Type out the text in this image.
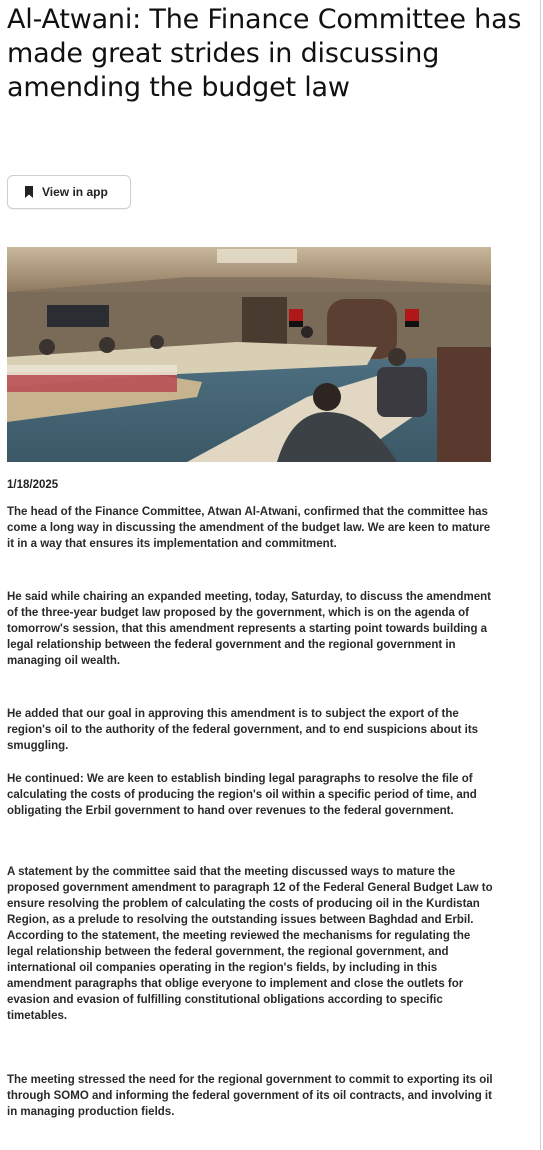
Al-Atwani: The Finance Committee has made great strides in discussing amending the budget law
View in app
1/18/2025

The head of the Finance Committee, Atwan Al-Atwani, confirmed that the committee has come a long way in discussing the amendment of the budget law. We are keen to mature it in a way that ensures its implementation and commitment.

He said while chairing an expanded meeting, today, Saturday, to discuss the amendment of the three-year budget law proposed by the government, which is on the agenda of tomorrow's session, that this amendment represents a starting point towards building a legal relationship between the federal government and the regional government in managing oil wealth.

He added that our goal in approving this amendment is to subject the export of the region's oil to the authority of the federal government, and to end suspicions about its smuggling.

He continued: We are keen to establish binding legal paragraphs to resolve the file of calculating the costs of producing the region's oil within a specific period of time, and obligating the Erbil government to hand over revenues to the federal government.

A statement by the committee said that the meeting discussed ways to mature the proposed government amendment to paragraph 12 of the Federal General Budget Law to ensure resolving the problem of calculating the costs of producing oil in the Kurdistan Region, as a prelude to resolving the outstanding issues between Baghdad and Erbil. According to the statement, the meeting reviewed the mechanisms for regulating the legal relationship between the federal government, the regional government, and international oil companies operating in the region's fields, by including in this amendment paragraphs that oblige everyone to implement and close the outlets for evasion and evasion of fulfilling constitutional obligations according to specific timetables.

The meeting stressed the need for the regional government to commit to exporting its oil through SOMO and informing the federal government of its oil contracts, and involving it in managing production fields.
